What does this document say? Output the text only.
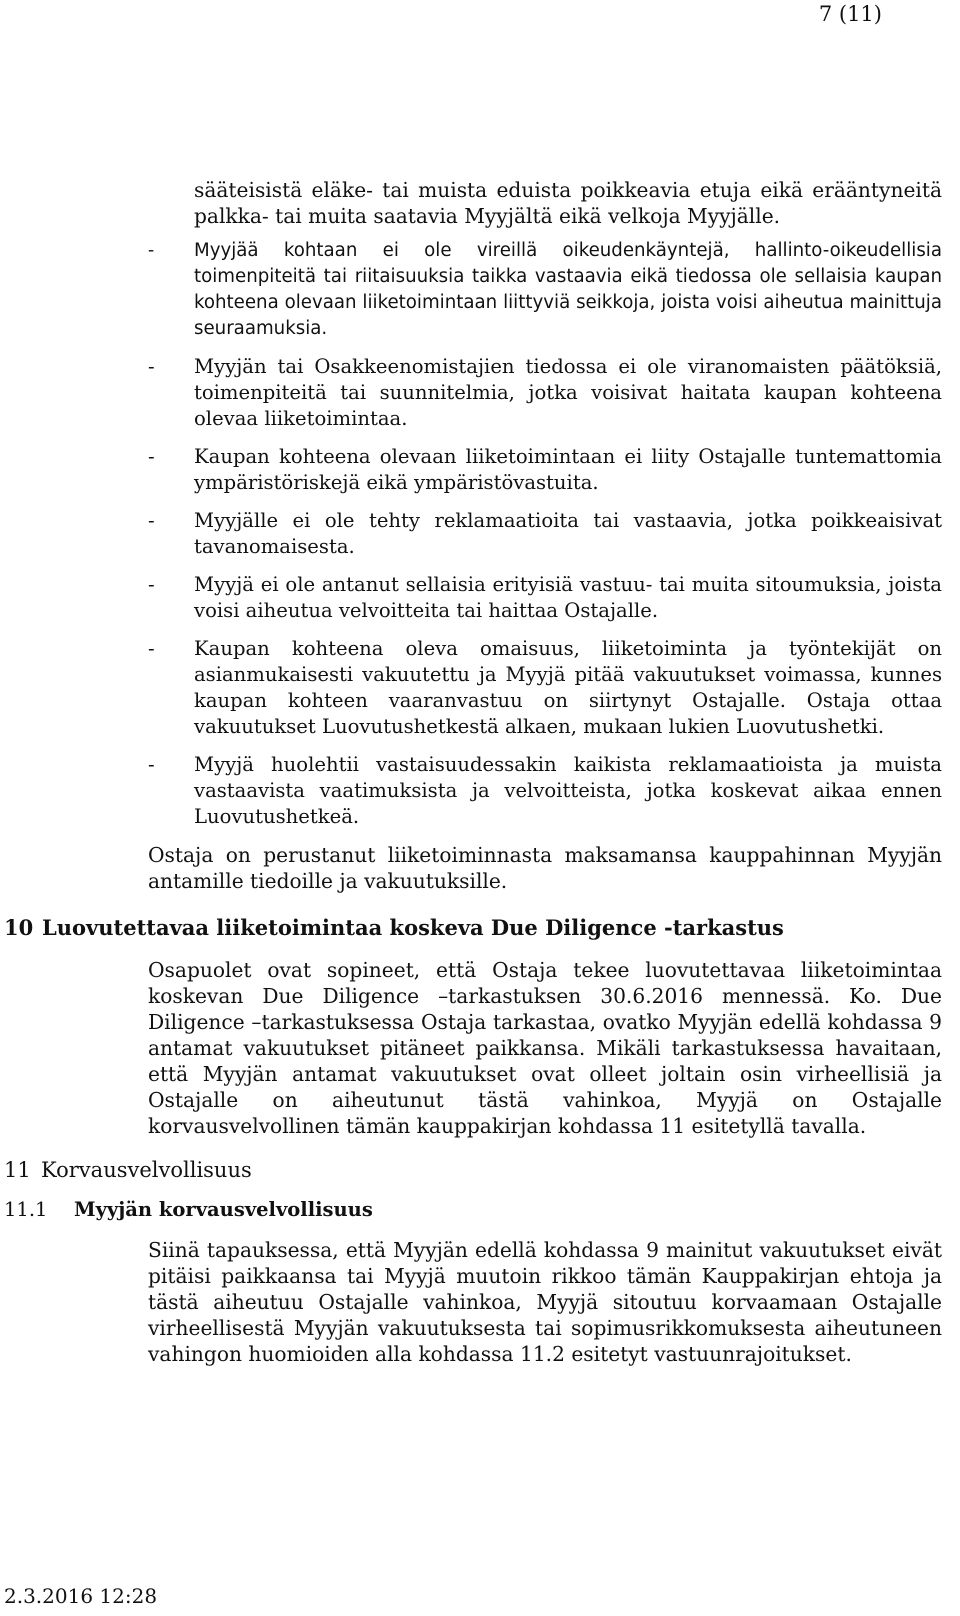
7 (11)

sääteisistä eläke- tai muista eduista poikkeavia etuja eikä erääntyneitä palkka- tai muita saatavia Myyjältä eikä velkoja Myyjälle.

- Myyjää kohtaan ei ole vireillä oikeudenkäyntejä, hallinto-oikeudellisia toimenpiteitä tai riitaisuuksia taikka vastaavia eikä tiedossa ole sellaisia kaupan kohteena olevaan liiketoimintaan liittyviä seikkoja, joista voisi aiheutua mainittuja seuraamuksia.
- Myyjän tai Osakkeenomistajien tiedossa ei ole viranomaisten päätöksiä, toimenpiteitä tai suunnitelmia, jotka voisivat haitata kaupan kohteena olevaa liiketoimintaa.
- Kaupan kohteena olevaan liiketoimintaan ei liity Ostajalle tuntemattomia ympäristöriskejä eikä ympäristövastuita.
- Myyjälle ei ole tehty reklamaatioita tai vastaavia, jotka poikkeaisivat tavanomaisesta.
- Myyjä ei ole antanut sellaisia erityisiä vastuu- tai muita sitoumuksia, joista voisi aiheutua velvoitteita tai haittaa Ostajalle.
- Kaupan kohteena oleva omaisuus, liiketoiminta ja työntekijät on asianmukaisesti vakuutettu ja Myyjä pitää vakuutukset voimassa, kunnes kaupan kohteen vaaranvastuu on siirtynyt Ostajalle. Ostaja ottaa vakuutukset Luovutushetkestä alkaen, mukaan lukien Luovutushetki.
- Myyjä huolehtii vastaisuudessakin kaikista reklamaatioista ja muista vastaavista vaatimuksista ja velvoitteista, jotka koskevat aikaa ennen Luovutushetkeä.

Ostaja on perustanut liiketoiminnasta maksamansa kauppahinnan Myyjän antamille tiedoille ja vakuutuksille.

10 Luovutettavaa liiketoimintaa koskeva Due Diligence -tarkastus

Osapuolet ovat sopineet, että Ostaja tekee luovutettavaa liiketoimintaa koskevan Due Diligence –tarkastuksen 30.6.2016 mennessä. Ko. Due Diligence –tarkastuksessa Ostaja tarkastaa, ovatko Myyjän edellä kohdassa 9 antamat vakuutukset pitäneet paikkansa. Mikäli tarkastuksessa havaitaan, että Myyjän antamat vakuutukset ovat olleet joltain osin virheellisiä ja Ostajalle on aiheutunut tästä vahinkoa, Myyjä on Ostajalle korvausvelvollinen tämän kauppakirjan kohdassa 11 esitetyllä tavalla.

11 Korvausvelvollisuus
11.1 Myyjän korvausvelvollisuus

Siinä tapauksessa, että Myyjän edellä kohdassa 9 mainitut vakuutukset eivät pitäisi paikkaansa tai Myyjä muutoin rikkoo tämän Kauppakirjan ehtoja ja tästä aiheutuu Ostajalle vahinkoa, Myyjä sitoutuu korvaamaan Ostajalle virheellisestä Myyjän vakuutuksesta tai sopimusrikkomuksesta aiheutuneen vahingon huomioiden alla kohdassa 11.2 esitetyt vastuunrajoitukset.

2.3.2016 12:28
